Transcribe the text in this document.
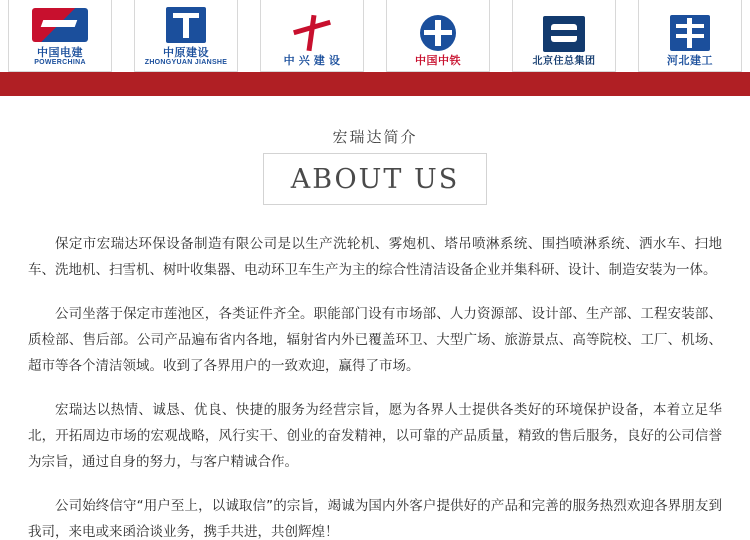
中国电建
POWERCHINA
中原建设
ZHONGYUAN JIANSHE	中 兴 建 设	中国中铁	北京住总集团	河北建工
宏瑞达简介
ABOUT US

保定市宏瑞达环保设备制造有限公司是以生产洗轮机、雾炮机、塔吊喷淋系统、围挡喷淋系统、洒水车、扫地车、洗地机、扫雪机、树叶收集器、电动环卫车生产为主的综合性清洁设备企业并集科研、设计、制造安装为一体。

公司坐落于保定市莲池区，各类证件齐全。职能部门设有市场部、人力资源部、设计部、生产部、工程安装部、质检部、售后部。公司产品遍布省内各地，辐射省内外已覆盖环卫、大型广场、旅游景点、高等院校、工厂、机场、超市等各个清洁领域。收到了各界用户的一致欢迎，赢得了市场。

宏瑞达以热情、诚恳、优良、快捷的服务为经营宗旨，愿为各界人士提供各类好的环境保护设备，本着立足华北，开拓周边市场的宏观战略，风行实干、创业的奋发精神，以可靠的产品质量，精致的售后服务，良好的公司信誉为宗旨，通过自身的努力，与客户精诚合作。

公司始终信守“用户至上，以诚取信”的宗旨，竭诚为国内外客户提供好的产品和完善的服务热烈欢迎各界朋友到我司，来电或来函洽谈业务，携手共进，共创辉煌！
